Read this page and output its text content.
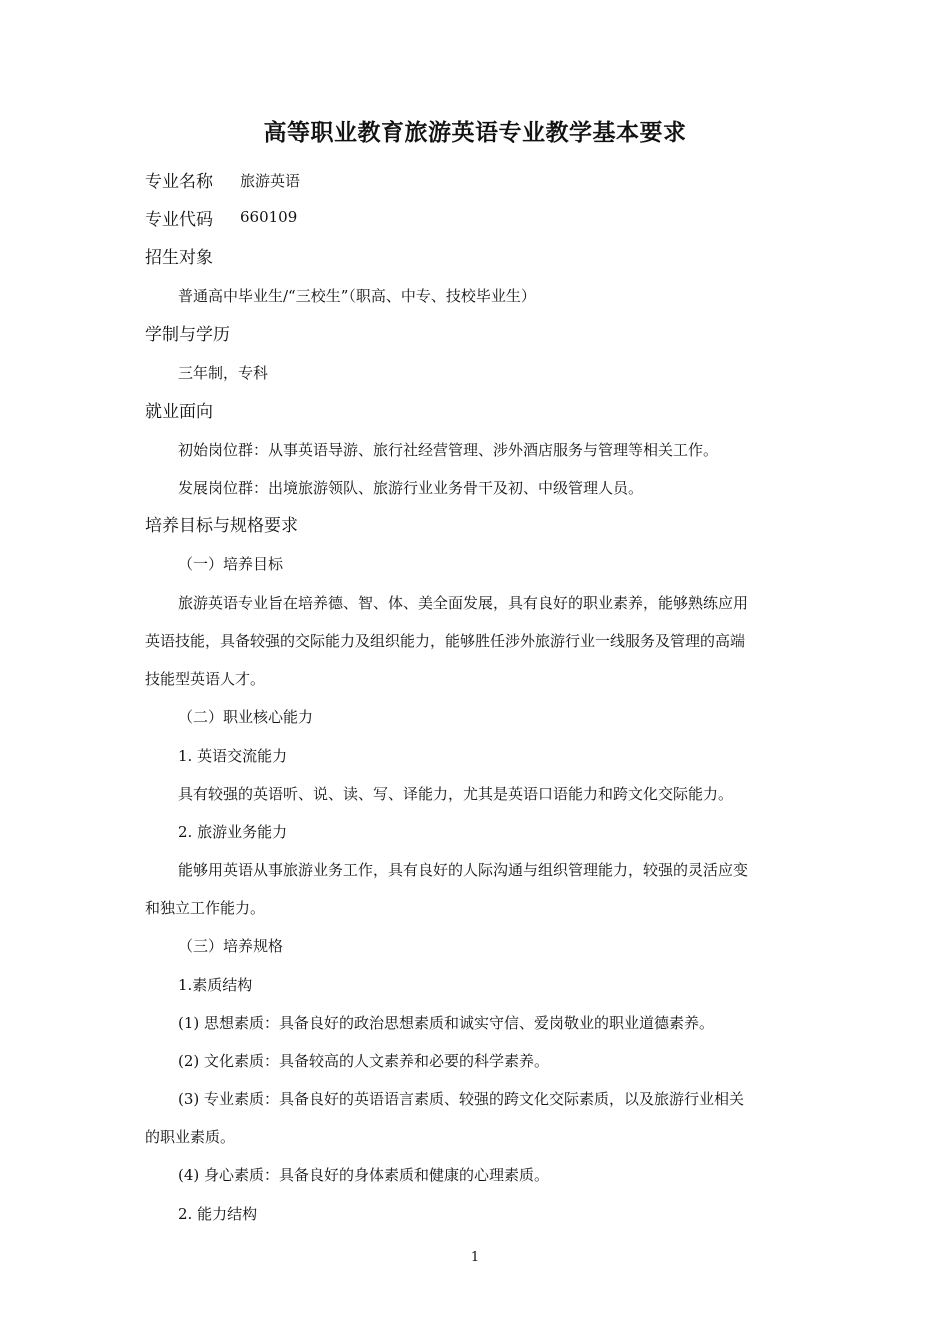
高等职业教育旅游英语专业教学基本要求
专业名称 旅游英语
专业代码 660109
招生对象
普通高中毕业生/“三校生”（职高、中专、技校毕业生）
学制与学历
三年制，专科
就业面向
初始岗位群：从事英语导游、旅行社经营管理、涉外酒店服务与管理等相关工作。
发展岗位群：出境旅游领队、旅游行业业务骨干及初、中级管理人员。
培养目标与规格要求
（一）培养目标
旅游英语专业旨在培养德、智、体、美全面发展，具有良好的职业素养，能够熟练应用
英语技能，具备较强的交际能力及组织能力，能够胜任涉外旅游行业一线服务及管理的高端
技能型英语人才。
（二）职业核心能力
1. 英语交流能力
具有较强的英语听、说、读、写、译能力，尤其是英语口语能力和跨文化交际能力。
2. 旅游业务能力
能够用英语从事旅游业务工作，具有良好的人际沟通与组织管理能力，较强的灵活应变
和独立工作能力。
（三）培养规格
1.素质结构
(1) 思想素质：具备良好的政治思想素质和诚实守信、爱岗敬业的职业道德素养。
(2) 文化素质：具备较高的人文素养和必要的科学素养。
(3) 专业素质：具备良好的英语语言素质、较强的跨文化交际素质，以及旅游行业相关
的职业素质。
(4) 身心素质：具备良好的身体素质和健康的心理素质。
2. 能力结构
1
